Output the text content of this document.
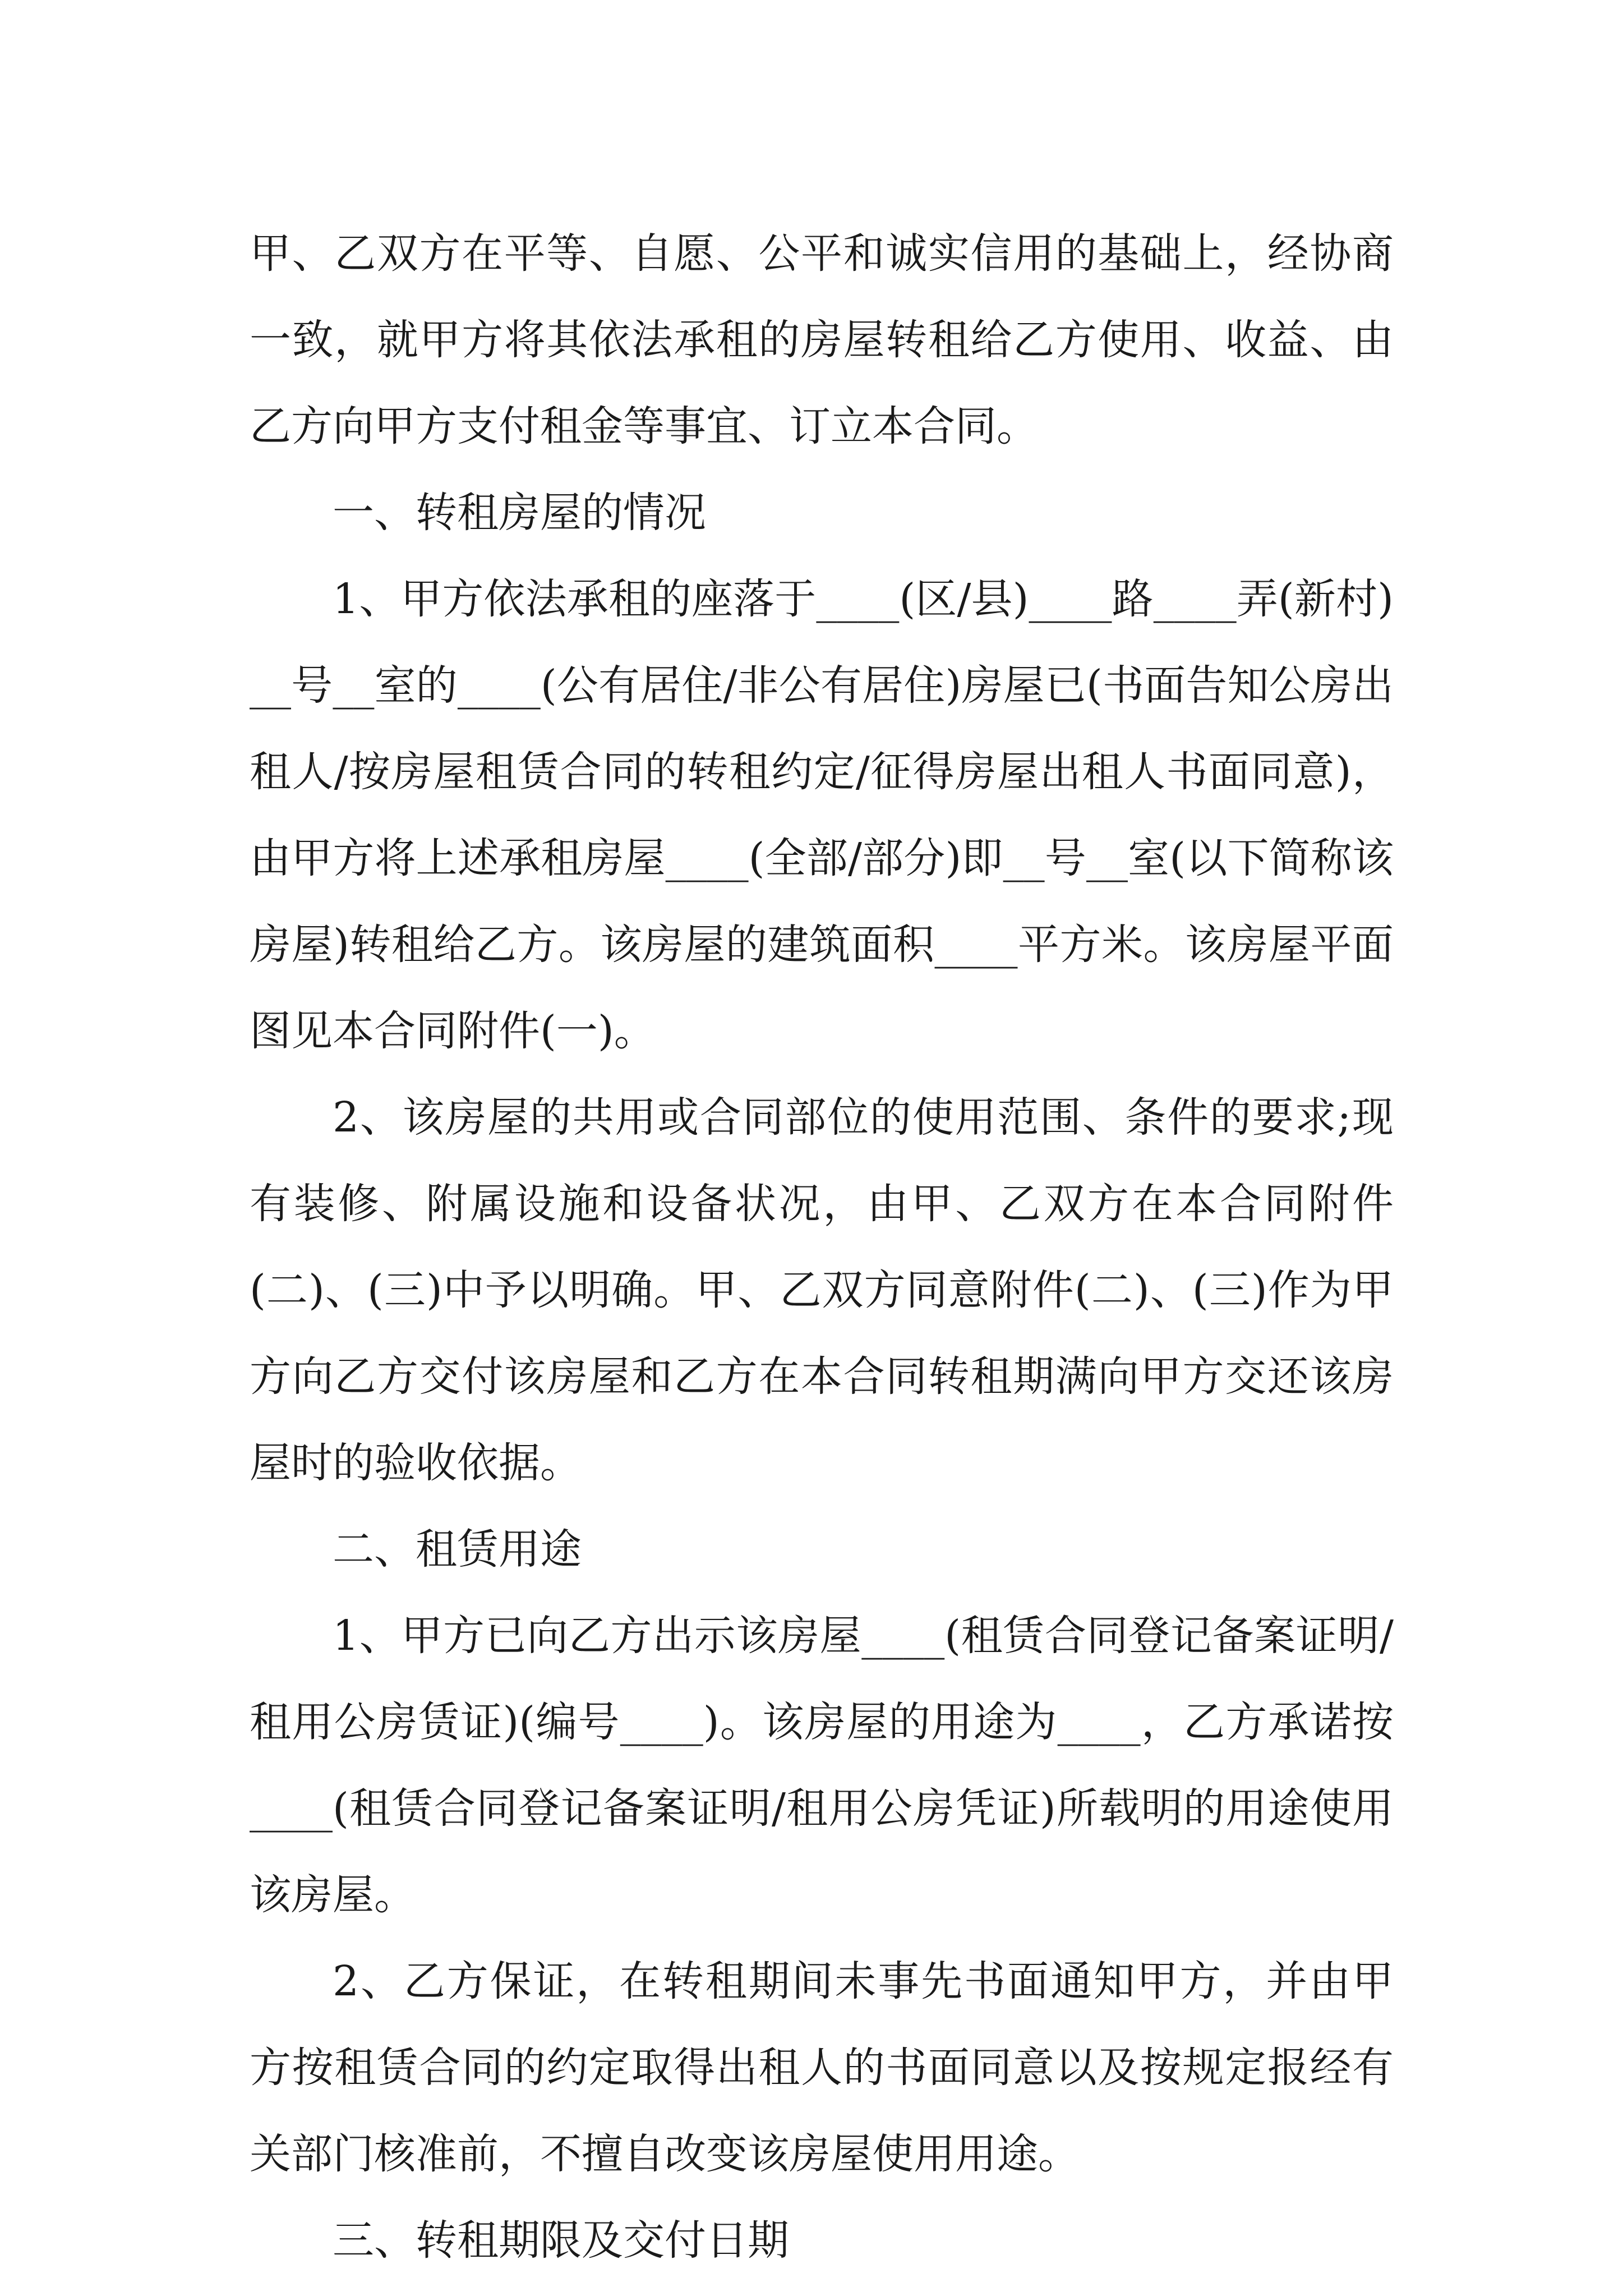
甲、乙双方在平等、自愿、公平和诚实信用的基础上，经协商一致，就甲方将其依法承租的房屋转租给乙方使用、收益、由乙方向甲方支付租金等事宜、订立本合同。

一、转租房屋的情况

1、甲方依法承租的座落于____(区/县)____路____弄(新村)__号__室的____(公有居住/非公有居住)房屋已(书面告知公房出租人/按房屋租赁合同的转租约定/征得房屋出租人书面同意)，由甲方将上述承租房屋____(全部/部分)即__号__室(以下简称该房屋)转租给乙方。该房屋的建筑面积____平方米。该房屋平面图见本合同附件(一)。

2、该房屋的共用或合同部位的使用范围、条件的要求;现有装修、附属设施和设备状况，由甲、乙双方在本合同附件(二)、(三)中予以明确。甲、乙双方同意附件(二)、(三)作为甲方向乙方交付该房屋和乙方在本合同转租期满向甲方交还该房屋时的验收依据。

二、租赁用途

1、甲方已向乙方出示该房屋____(租赁合同登记备案证明/租用公房赁证)(编号____)。该房屋的用途为____，乙方承诺按____(租赁合同登记备案证明/租用公房凭证)所载明的用途使用该房屋。

2、乙方保证，在转租期间未事先书面通知甲方，并由甲方按租赁合同的约定取得出租人的书面同意以及按规定报经有关部门核准前，不擅自改变该房屋使用用途。

三、转租期限及交付日期
